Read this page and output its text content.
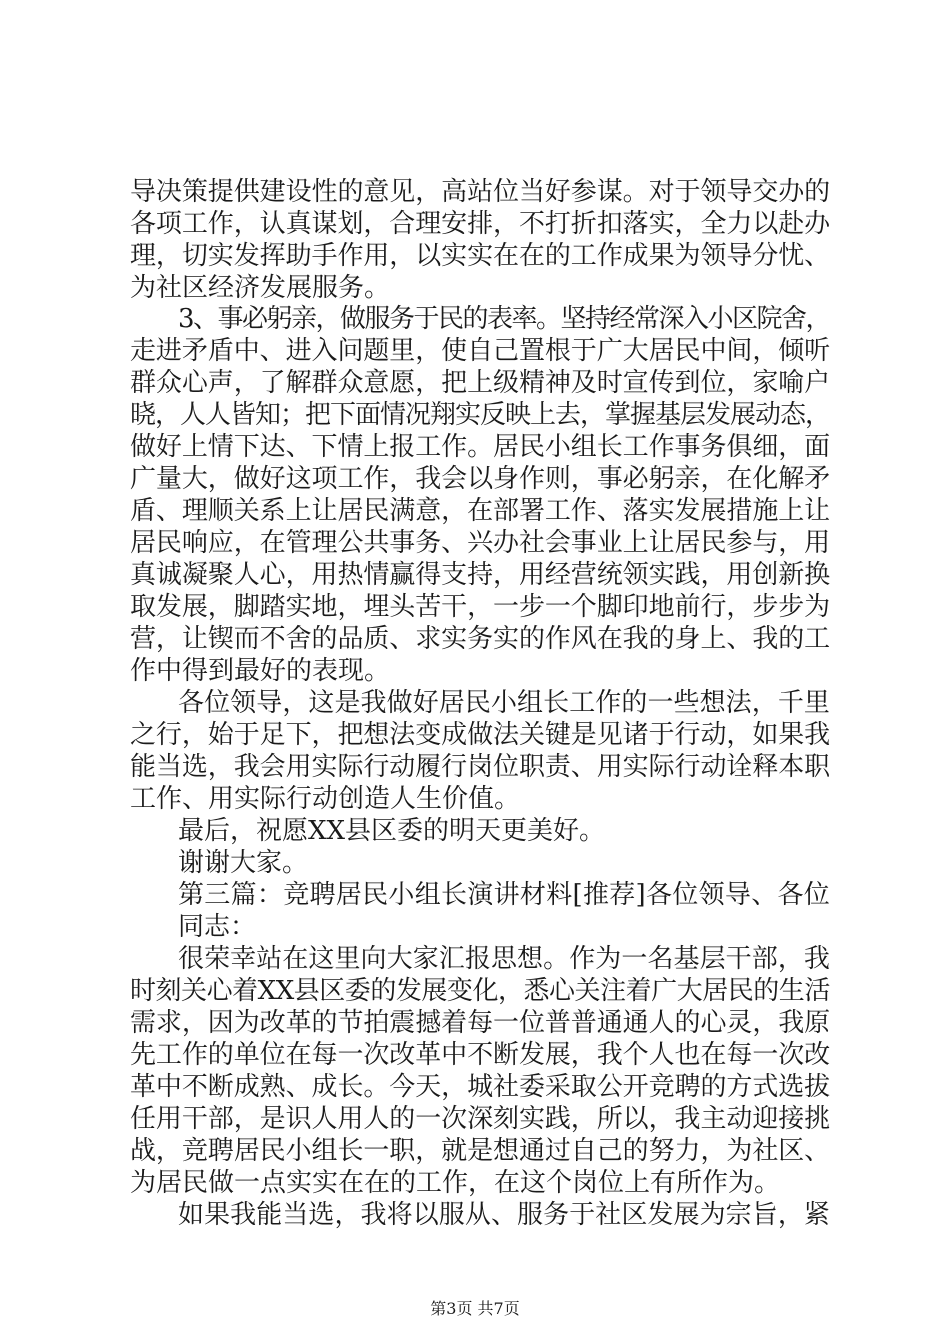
导决策提供建设性的意见，高站位当好参谋。对于领导交办的
各项工作，认真谋划，合理安排，不打折扣落实，全力以赴办
理，切实发挥助手作用，以实实在在的工作成果为领导分忧、
为社区经济发展服务。
3、事必躬亲，做服务于民的表率。坚持经常深入小区院舍，
走进矛盾中、进入问题里，使自己置根于广大居民中间，倾听
群众心声，了解群众意愿，把上级精神及时宣传到位，家喻户
晓，人人皆知；把下面情况翔实反映上去，掌握基层发展动态，
做好上情下达、下情上报工作。居民小组长工作事务俱细，面
广量大，做好这项工作，我会以身作则，事必躬亲，在化解矛
盾、理顺关系上让居民满意，在部署工作、落实发展措施上让
居民响应，在管理公共事务、兴办社会事业上让居民参与，用
真诚凝聚人心，用热情赢得支持，用经营统领实践，用创新换
取发展，脚踏实地，埋头苦干，一步一个脚印地前行，步步为
营，让锲而不舍的品质、求实务实的作风在我的身上、我的工
作中得到最好的表现。
各位领导，这是我做好居民小组长工作的一些想法，千里
之行，始于足下，把想法变成做法关键是见诸于行动，如果我
能当选，我会用实际行动履行岗位职责、用实际行动诠释本职
工作、用实际行动创造人生价值。
最后，祝愿XX县区委的明天更美好。
谢谢大家。
第三篇：竞聘居民小组长演讲材料[推荐]各位领导、各位
同志：
很荣幸站在这里向大家汇报思想。作为一名基层干部，我
时刻关心着XX县区委的发展变化，悉心关注着广大居民的生活
需求，因为改革的节拍震撼着每一位普普通通人的心灵，我原
先工作的单位在每一次改革中不断发展，我个人也在每一次改
革中不断成熟、成长。今天，城社委采取公开竞聘的方式选拔
任用干部，是识人用人的一次深刻实践，所以，我主动迎接挑
战，竞聘居民小组长一职，就是想通过自己的努力，为社区、
为居民做一点实实在在的工作，在这个岗位上有所作为。
如果我能当选，我将以服从、服务于社区发展为宗旨，紧
第3页 共7页
